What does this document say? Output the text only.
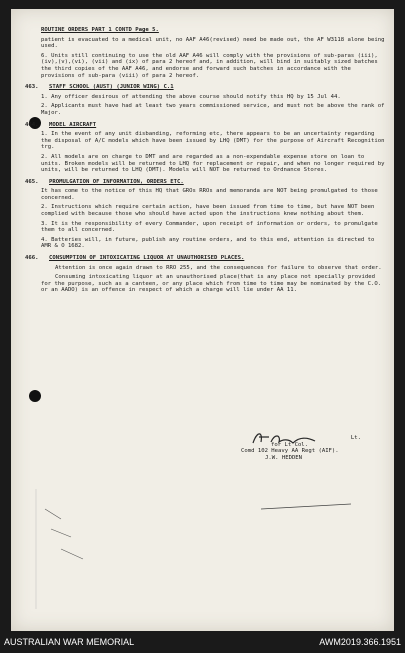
ROUTINE ORDERS PART 1 CONTD Page 5.

patient is evacuated to a medical unit, no AAF A46(revised) need be made out, the AF W3118 alone being used.

6. Units still continuing to use the old AAF A46 will comply with the provisions of sub-paras (iii),(iv),(v),(vi), (vii) and (ix) of para 2 hereof and, in addition, will bind in suitably sized batches the third copies of the AAF A46, and endorse and forward such batches in accordance with the provisions of sub-para (viii) of para 2 hereof.

463. STAFF SCHOOL (AUST) (JUNIOR WING) C.1

1. Any officer desirous of attending the above course should notify this HQ by 15 Jul 44.

2. Applicants must have had at least two years commissioned service, and must not be above the rank of Major.

464. MODEL AIRCRAFT

1. In the event of any unit disbanding, reforming etc, there appears to be an uncertainty regarding the disposal of A/C models which have been issued by LHQ (DMT) for the purpose of Aircraft Recognition trg.

2. All models are on charge to DMT and are regarded as a non-expendable expense store on loan to units. Broken models will be returned to LHQ for replacement or repair, and when no longer required by units, will be returned to LHQ (DMT). Models will NOT be returned to Ordnance Stores.

465. PROMULGATION OF INFORMATION, ORDERS ETC.

It has come to the notice of this HQ that GROs RROs and memoranda are NOT being promulgated to those concerned.

2. Instructions which require certain action, have been issued from time to time, but have NOT been complied with because those who should have acted upon the instructions knew nothing about them.

3. It is the responsibility of every Commander, upon receipt of information or orders, to promulgate them to all concerned.

4. Batteries will, in future, publish any routine orders, and to this end, attention is directed to AMR & O 1682.

466. CONSUMPTION OF INTOXICATING LIQUOR AT UNAUTHORISED PLACES.

Attention is once again drawn to RRO 255, and the consequences for failure to observe that order.

Consuming intoxicating liquor at an unauthorised place(that is any place not specially provided for the purpose, such as a canteen, or any place which from time to time may be nominated by the C.O. or an AADO) is an offence in respect of which a charge will lie under AA 11.

Lt.
for Lt Col.
Comd 102 Heavy AA Regt (AIF).
J.W. HEDDEN
AUSTRALIAN WAR MEMORIAL	AWM2019.366.1951
